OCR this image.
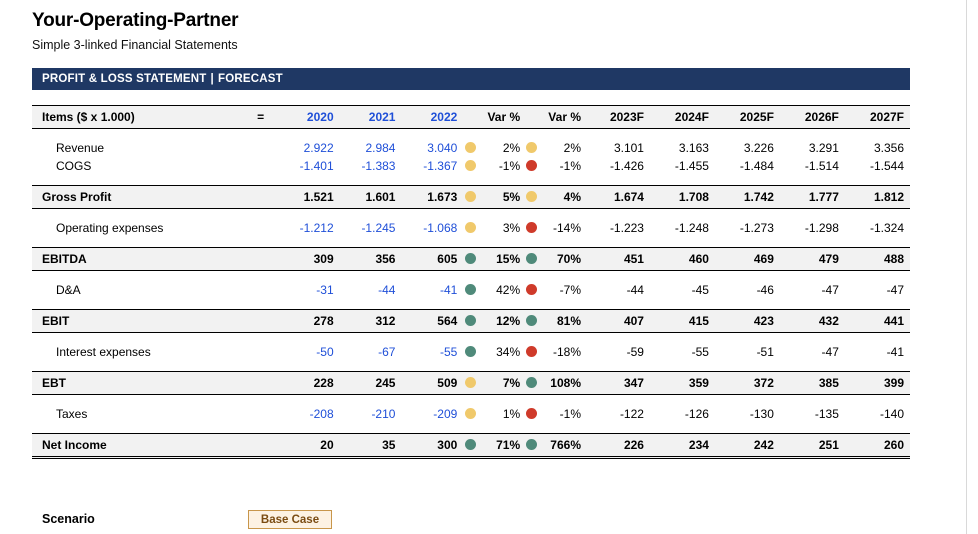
Your-Operating-Partner
Simple 3-linked Financial Statements
PROFIT & LOSS STATEMENT | FORECAST
Items ($ x 1.000)	=	2020	2021	2022		Var %		Var %	2023F	2024F	2025F	2026F	2027F

Revenue		2.922	2.984	3.040		2%		2%	3.101	3.163	3.226	3.291	3.356
COGS		-1.401	-1.383	-1.367		-1%		-1%	-1.426	-1.455	-1.484	-1.514	-1.544

Gross Profit		1.521	1.601	1.673		5%		4%	1.674	1.708	1.742	1.777	1.812

Operating expenses		-1.212	-1.245	-1.068		3%		-14%	-1.223	-1.248	-1.273	-1.298	-1.324

EBITDA		309	356	605		15%		70%	451	460	469	479	488

D&A		-31	-44	-41		42%		-7%	-44	-45	-46	-47	-47

EBIT		278	312	564		12%		81%	407	415	423	432	441

Interest expenses		-50	-67	-55		34%		-18%	-59	-55	-51	-47	-41

EBT		228	245	509		7%		108%	347	359	372	385	399

Taxes		-208	-210	-209		1%		-1%	-122	-126	-130	-135	-140

Net Income		20	35	300		71%		766%	226	234	242	251	260
Scenario	Base Case
